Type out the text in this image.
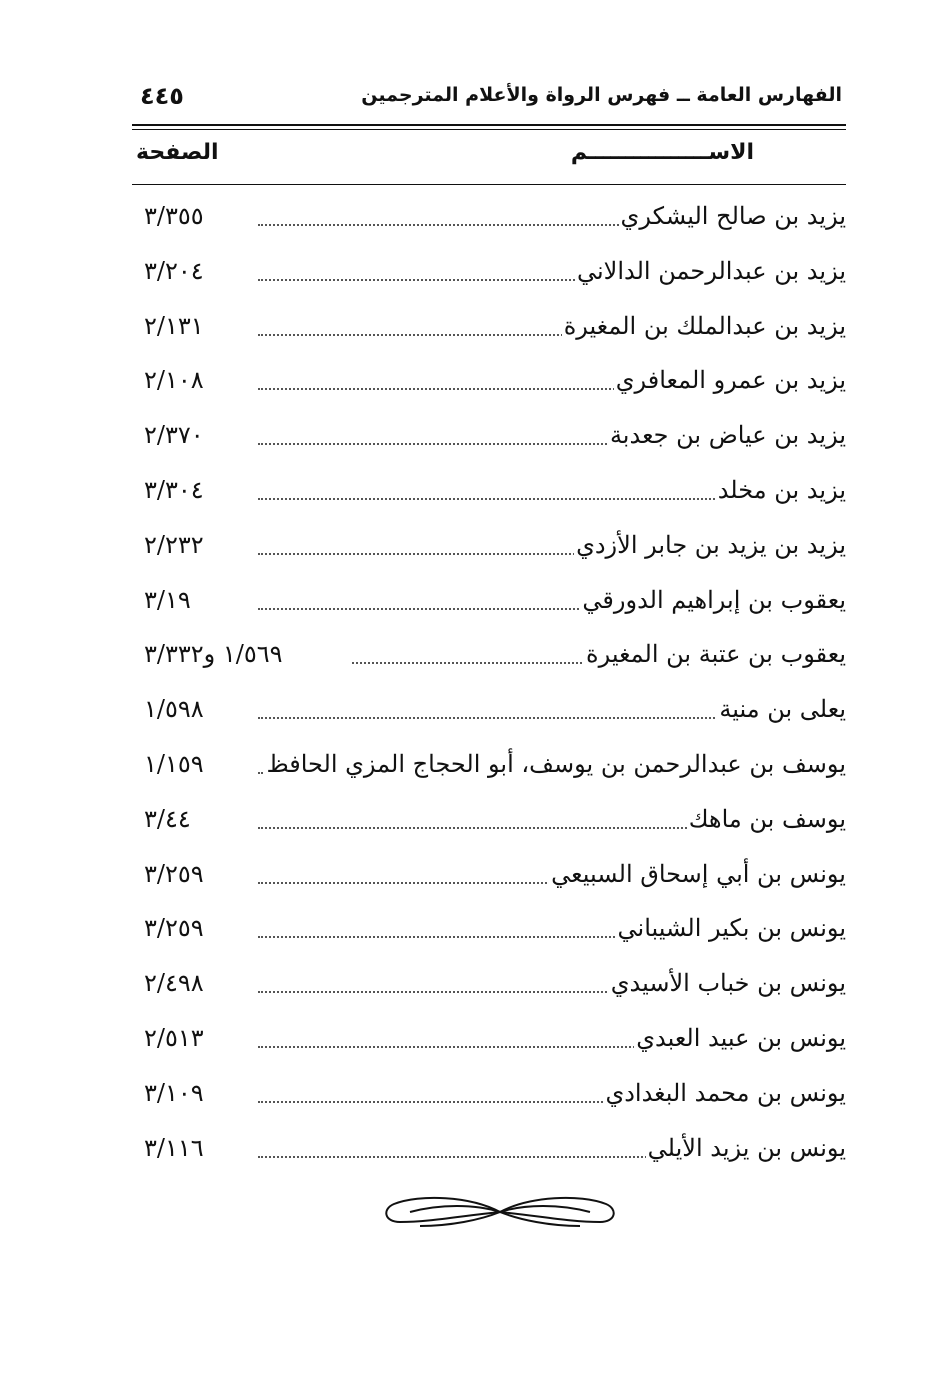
٤٤٥	الفهارس العامة ــ فهرس الرواة والأعلام المترجمين
الاســــــــــــــــم
الصفحة
يزيد بن صالح اليشكري
٣/٣٥٥
يزيد بن عبدالرحمن الدالاني
٣/٢٠٤
يزيد بن عبدالملك بن المغيرة
٢/١٣١
يزيد بن عمرو المعافري
٢/١٠٨
يزيد بن عياض بن جعدبة
٢/٣٧٠
يزيد بن مخلد
٣/٣٠٤
يزيد بن يزيد بن جابر الأزدي
٢/٢٣٢
يعقوب بن إبراهيم الدورقي
٣/١٩
يعقوب بن عتبة بن المغيرة
١/٥٦٩ و٣/٣٣٢
يعلى بن منية
١/٥٩٨
يوسف بن عبدالرحمن بن يوسف، أبو الحجاج المزي الحافظ
١/١٥٩
يوسف بن ماهك
٣/٤٤
يونس بن أبي إسحاق السبيعي
٣/٢٥٩
يونس بن بكير الشيباني
٣/٢٥٩
يونس بن خباب الأسيدي
٢/٤٩٨
يونس بن عبيد العبدي
٢/٥١٣
يونس بن محمد البغدادي
٣/١٠٩
يونس بن يزيد الأيلي
٣/١١٦
